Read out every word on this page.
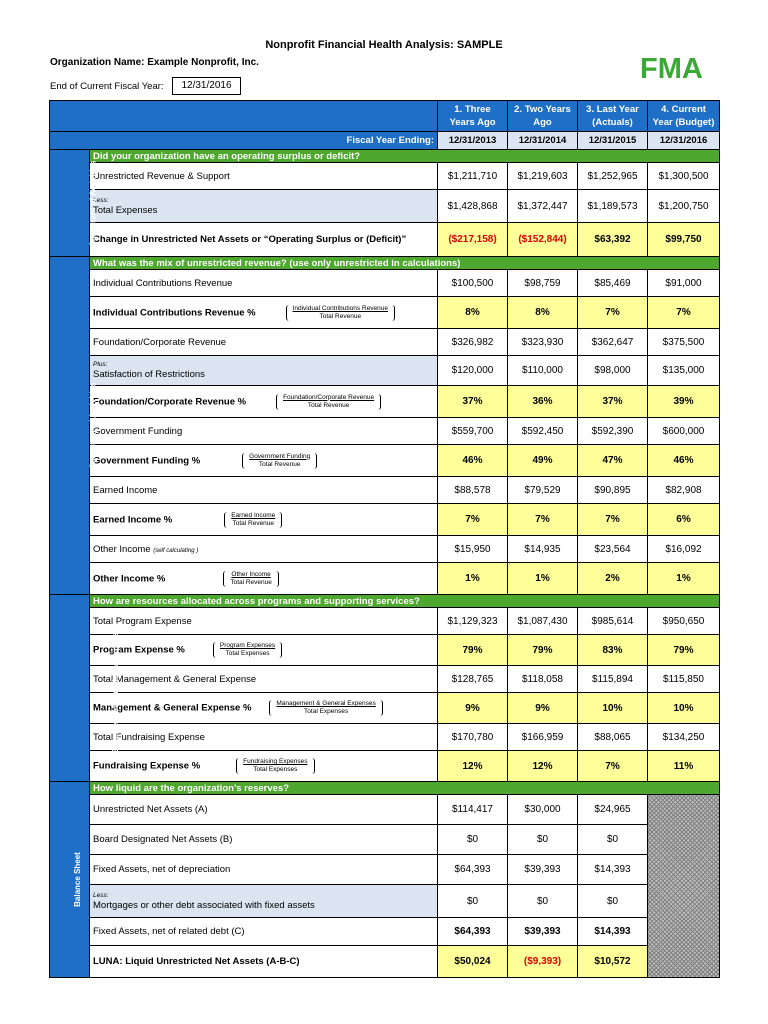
Nonprofit Financial Health Analysis: SAMPLE
Organization Name: Example Nonprofit, Inc.
End of Current Fiscal Year:	12/31/2016
FMA
		1. Three Years Ago	2. Two Years Ago	3. Last Year (Actuals)	4. Current Year (Budget)
Fiscal Year Ending:		12/31/2013	12/31/2014	12/31/2015	12/31/2016
Statement of Activities	Did your organization have an operating surplus or deficit?				
	Unrestricted Revenue & Support	$1,211,710	$1,219,603	$1,252,965	$1,300,500

	Less:
Total Expenses	$1,428,868	$1,372,447	$1,189,573	$1,200,750
	Change in Unrestricted Net Assets or “Operating Surplus or (Deficit)”	($217,158)	($152,844)	$63,392	$99,750
Statement of Activities	What was the mix of unrestricted revenue? (use only unrestricted in calculations)				
	Individual Contributions Revenue	$100,500	$98,759	$85,469	$91,000
	Individual Contributions Revenue % $\frac{\text{Individual Contributions Revenue}}{\text{Total Revenue}}$	8%	8%	7%	7%
	Foundation/Corporate Revenue	$326,982	$323,930	$362,647	$375,500

	Plus:
Satisfaction of Restrictions	$120,000	$110,000	$98,000	$135,000
	Foundation/Corporate Revenue % $\frac{\text{Foundation/Corporate Revenue}}{\text{Total Revenue}}$	37%	36%	37%	39%
	Government Funding	$559,700	$592,450	$592,390	$600,000
	Government Funding % $\frac{\text{Government Funding}}{\text{Total Revenue}}$	46%	49%	47%	46%
	Earned Income	$88,578	$79,529	$90,895	$82,908
	Earned Income % $\frac{\text{Earned Income}}{\text{Total Revenue}}$	7%	7%	7%	6%
	Other Income (self calculating )	$15,950	$14,935	$23,564	$16,092
	Other Income % $\frac{\text{Other Income}}{\text{Total Revenue}}$	1%	1%	2%	1%
Statement of Functional Expenses	How are resources allocated across programs and supporting services?				
	Total Program Expense	$1,129,323	$1,087,430	$985,614	$950,650
	Program Expense % $\frac{\text{Program Expenses}}{\text{Total Expenses}}$	79%	79%	83%	79%
	Total Management & General Expense	$128,765	$118,058	$115,894	$115,850
	Management & General Expense % $\frac{\text{Management \& General Expenses}}{\text{Total Expenses}}$	9%	9%	10%	10%
	Total Fundraising Expense	$170,780	$166,959	$88,065	$134,250
	Fundraising Expense % $\frac{\text{Fundraising Expenses}}{\text{Total Expenses}}$	12%	12%	7%	11%
Balance Sheet	How liquid are the organization’s reserves?				
	Unrestricted Net Assets (A)	$114,417	$30,000	$24,965	
	Board Designated Net Assets (B)	$0	$0	$0	
	Fixed Assets, net of depreciation	$64,393	$39,393	$14,393	

	Less:
Mortgages or other debt associated with fixed assets	$0	$0	$0	
	Fixed Assets, net of related debt (C)	$64,393	$39,393	$14,393	
	LUNA: Liquid Unrestricted Net Assets (A-B-C)	$50,024	($9,393)	$10,572	
